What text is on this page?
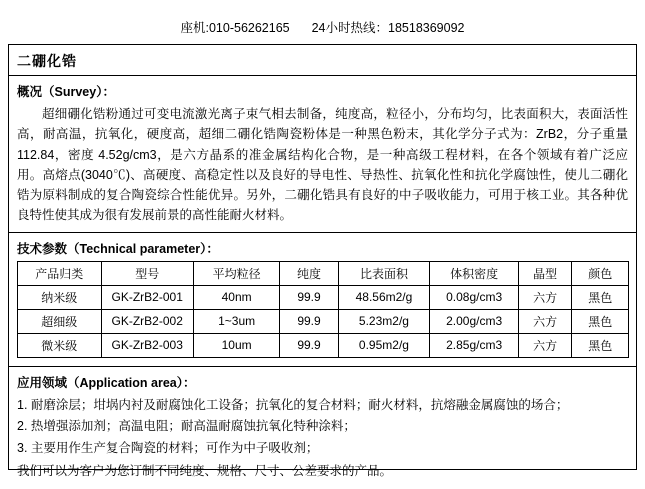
座机:010-56262165 24小时热线：18518369092
二硼化锆
概况（Survey）：

超细硼化锆粉通过可变电流激光离子束气相去制备，纯度高，粒径小，分布均匀，比表面积大，表面活性高，耐高温，抗氧化，硬度高，超细二硼化锆陶瓷粉体是一种黑色粉末，其化学分子式为：ZrB2，分子重量 112.84，密度 4.52g/cm3，是六方晶系的准金属结构化合物，是一种高级工程材料，在各个领域有着广泛应用。高熔点(3040℃)、高硬度、高稳定性以及良好的导电性、导热性、抗氧化性和抗化学腐蚀性，使儿二硼化锆为原料制成的复合陶瓷综合性能优异。另外，二硼化锆具有良好的中子吸收能力，可用于核工业。其各种优良特性使其成为很有发展前景的高性能耐火材料。

技术参数（Technical parameter）：
产品归类	型号	平均粒径	纯度	比表面积	体积密度	晶型	颜色
纳米级	GK-ZrB2-001	40nm	99.9	48.56m2/g	0.08g/cm3	六方	黑色
超细级	GK-ZrB2-002	1~3um	99.9	5.23m2/g	2.00g/cm3	六方	黑色
微米级	GK-ZrB2-003	10um	99.9	0.95m2/g	2.85g/cm3	六方	黑色
应用领域（Application area）：
1. 耐磨涂层；坩埚内衬及耐腐蚀化工设备；抗氧化的复合材料；耐火材料，抗熔融金属腐蚀的场合；
2. 热增强添加剂；高温电阻；耐高温耐腐蚀抗氧化特种涂料；
3. 主要用作生产复合陶瓷的材料；可作为中子吸收剂；
我们可以为客户为您订制不同纯度、规格、尺寸、公差要求的产品。
